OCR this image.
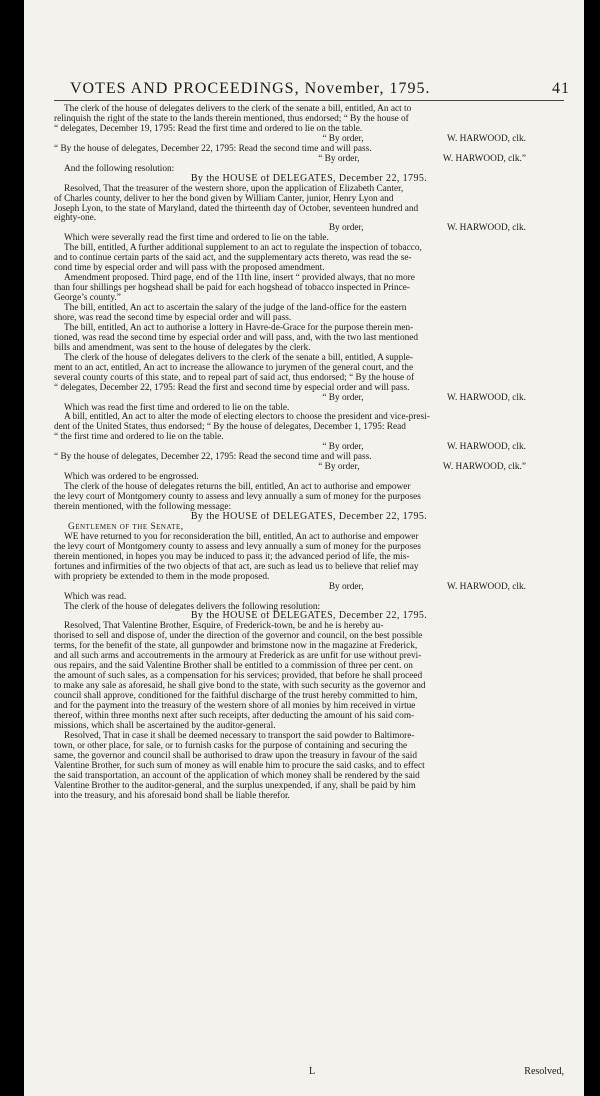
VOTES AND PROCEEDINGS, November, 1795.	41
The clerk of the house of delegates delivers to the clerk of the senate a bill, entitled, An act to
relinquish the right of the state to the lands therein mentioned, thus endorsed; “ By the house of
“ delegates, December 19, 1795: Read the first time and ordered to lie on the table.
“ By order,                                    W. HARWOOD, clk.
“ By the house of delegates, December 22, 1795: Read the second time and will pass.
“ By order,                                    W. HARWOOD, clk.”
And the following resolution:
By the HOUSE of DELEGATES, December 22, 1795.
Resolved, That the treasurer of the western shore, upon the application of Elizabeth Canter,
of Charles county, deliver to her the bond given by William Canter, junior, Henry Lyon and
Joseph Lyon, to the state of Maryland, dated the thirteenth day of October, seventeen hundred and
eighty-one.
By order,                                    W. HARWOOD, clk.
Which were severally read the first time and ordered to lie on the table.
The bill, entitled, A further additional supplement to an act to regulate the inspection of tobacco,
and to continue certain parts of the said act, and the supplementary acts thereto, was read the se-
cond time by especial order and will pass with the proposed amendment.
Amendment proposed. Third page, end of the 11th line, insert “ provided always, that no more
than four shillings per hogshead shall be paid for each hogshead of tobacco inspected in Prince-
George’s county.”
The bill, entitled, An act to ascertain the salary of the judge of the land-office for the eastern
shore, was read the second time by especial order and will pass.
The bill, entitled, An act to authorise a lottery in Havre-de-Grace for the purpose therein men-
tioned, was read the second time by especial order and will pass, and, with the two last mentioned
bills and amendment, was sent to the house of delegates by the clerk.
The clerk of the house of delegates delivers to the clerk of the senate a bill, entitled, A supple-
ment to an act, entitled, An act to increase the allowance to jurymen of the general court, and the
several county courts of this state, and to repeal part of said act, thus endorsed; “ By the house of
“ delegates, December 22, 1795: Read the first and second time by especial order and will pass.
“ By order,                                    W. HARWOOD, clk.
Which was read the first time and ordered to lie on the table.
A bill, entitled, An act to alter the mode of electing electors to choose the president and vice-presi-
dent of the United States, thus endorsed; “ By the house of delegates, December 1, 1795: Read
“ the first time and ordered to lie on the table.
“ By order,                                    W. HARWOOD, clk.
“ By the house of delegates, December 22, 1795: Read the second time and will pass.
“ By order,                                    W. HARWOOD, clk.”
Which was ordered to be engrossed.
The clerk of the house of delegates returns the bill, entitled, An act to authorise and empower
the levy court of Montgomery county to assess and levy annually a sum of money for the purposes
therein mentioned, with the following message:
By the HOUSE of DELEGATES, December 22, 1795.
Gentlemen of the Senate,
WE have returned to you for reconsideration the bill, entitled, An act to authorise and empower
the levy court of Montgomery county to assess and levy annually a sum of money for the purposes
therein mentioned, in hopes you may be induced to pass it; the advanced period of life, the mis-
fortunes and infirmities of the two objects of that act, are such as lead us to believe that relief may
with propriety be extended to them in the mode proposed.
By order,                                    W. HARWOOD, clk.
Which was read.
The clerk of the house of delegates delivers the following resolution:
By the HOUSE of DELEGATES, December 22, 1795.
Resolved, That Valentine Brother, Esquire, of Frederick-town, be and he is hereby au-
thorised to sell and dispose of, under the direction of the governor and council, on the best possible
terms, for the benefit of the state, all gunpowder and brimstone now in the magazine at Frederick,
and all such arms and accoutrements in the armoury at Frederick as are unfit for use without previ-
ous repairs, and the said Valentine Brother shall be entitled to a commission of three per cent. on
the amount of such sales, as a compensation for his services; provided, that before he shall proceed
to make any sale as aforesaid, he shall give bond to the state, with such security as the governor and
council shall approve, conditioned for the faithful discharge of the trust hereby committed to him,
and for the payment into the treasury of the western shore of all monies by him received in virtue
thereof, within three months next after such receipts, after deducting the amount of his said com-
missions, which shall be ascertained by the auditor-general.
Resolved, That in case it shall be deemed necessary to transport the said powder to Baltimore-
town, or other place, for sale, or to furnish casks for the purpose of containing and securing the
same, the governor and council shall be authorised to draw upon the treasury in favour of the said
Valentine Brother, for such sum of money as will enable him to procure the said casks, and to effect
the said transportation, an account of the application of which money shall be rendered by the said
Valentine Brother to the auditor-general, and the surplus unexpended, if any, shall be paid by him
into the treasury, and his aforesaid bond shall be liable therefor.
L	Resolved,
